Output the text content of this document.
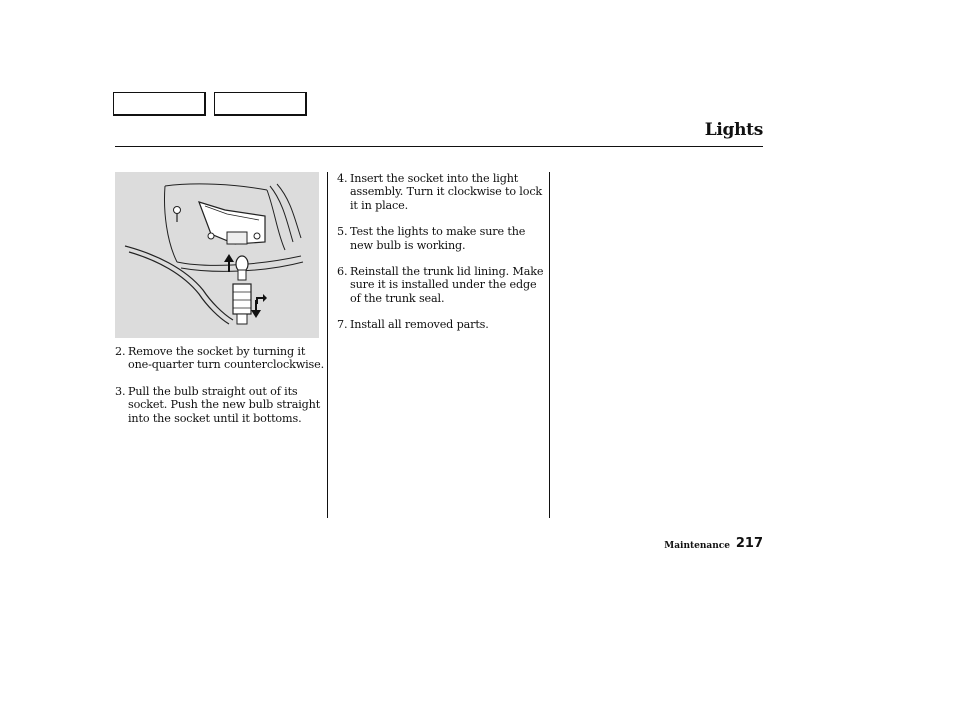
Lights
2. Remove the socket by turning it one-quarter turn counterclockwise.
3. Pull the bulb straight out of its socket. Push the new bulb straight into the socket until it bottoms.
4. Insert the socket into the light assembly. Turn it clockwise to lock it in place.
5. Test the lights to make sure the new bulb is working.
6. Reinstall the trunk lid lining. Make sure it is installed under the edge of the trunk seal.
7. Install all removed parts.
Maintenance 217
